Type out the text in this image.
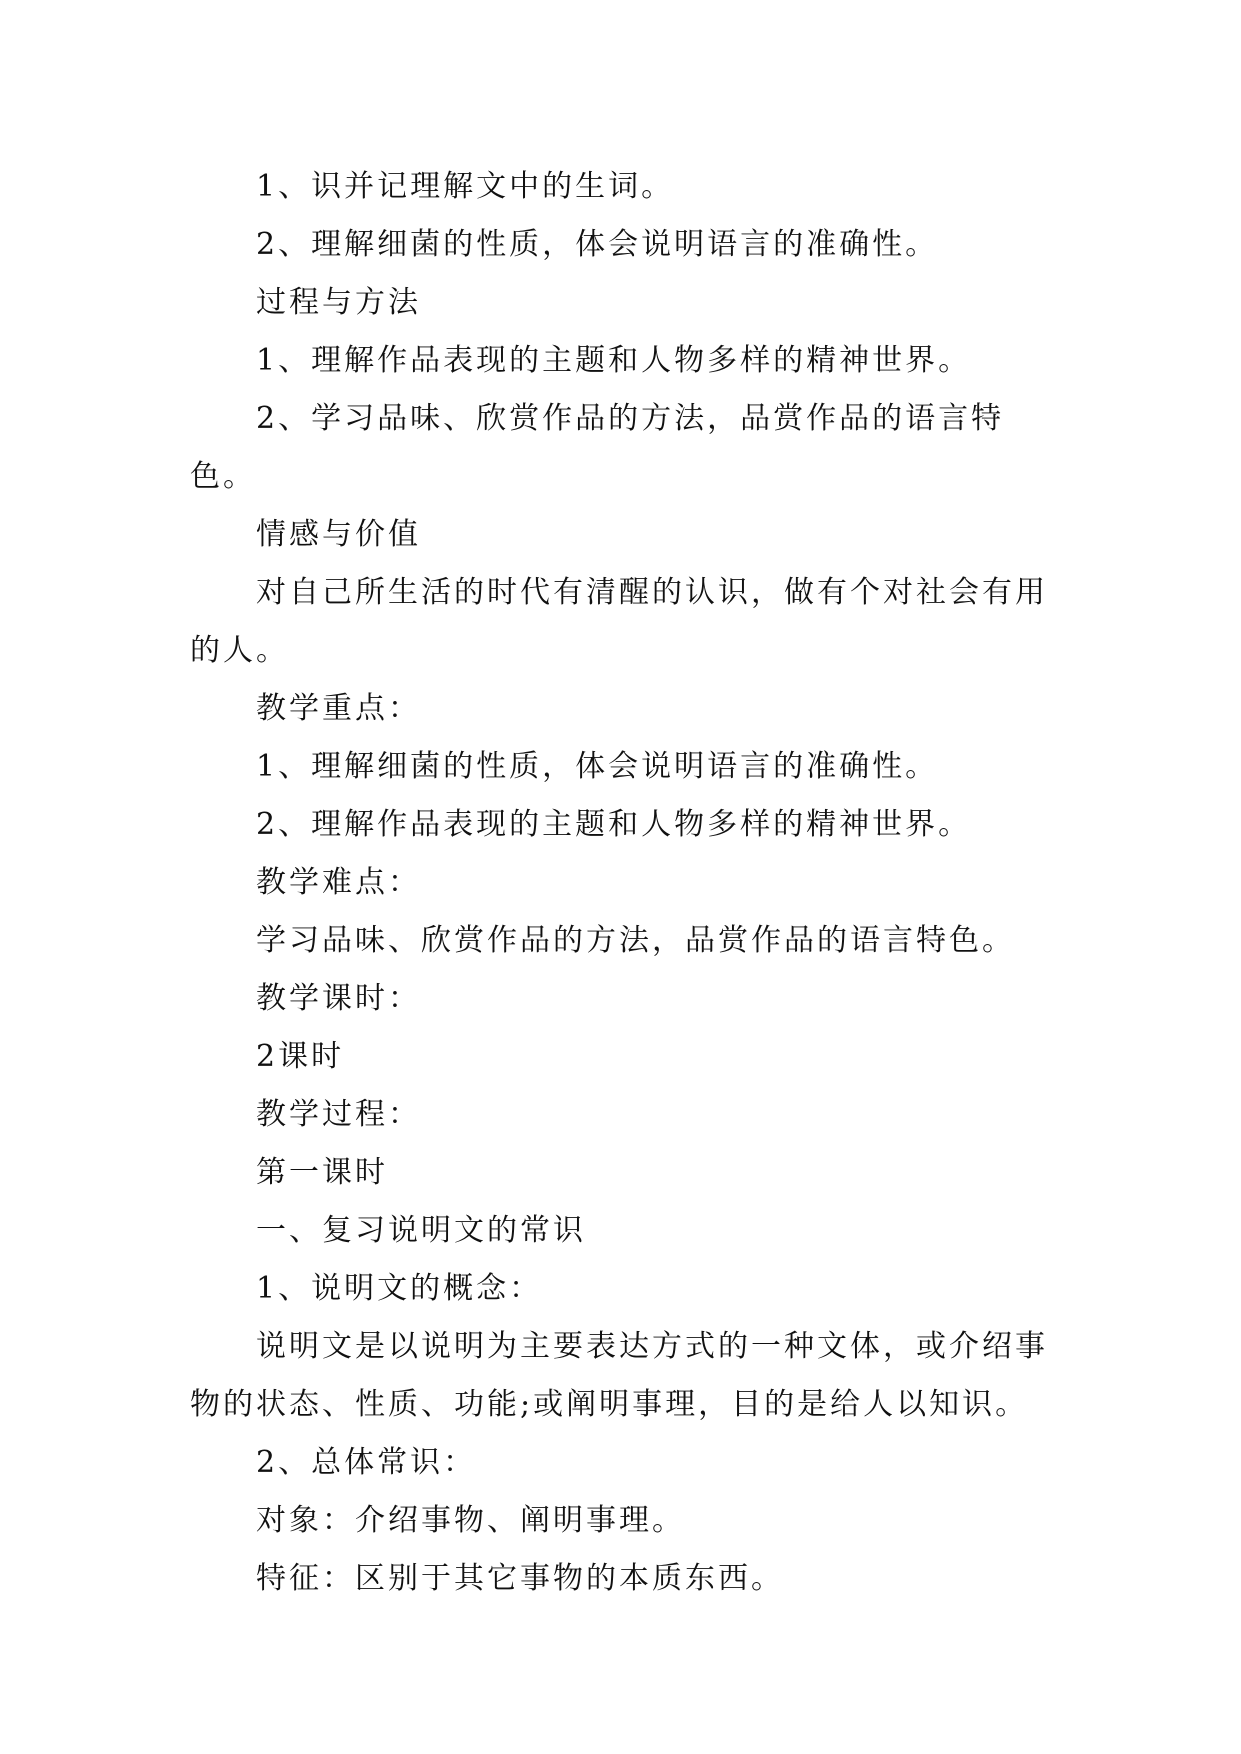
1、识并记理解文中的生词。

2、理解细菌的性质，体会说明语言的准确性。

过程与方法

1、理解作品表现的主题和人物多样的精神世界。

2、学习品味、欣赏作品的方法，品赏作品的语言特色。

情感与价值

对自己所生活的时代有清醒的认识，做有个对社会有用的人。

教学重点：

1、理解细菌的性质，体会说明语言的准确性。

2、理解作品表现的主题和人物多样的精神世界。

教学难点：

学习品味、欣赏作品的方法，品赏作品的语言特色。

教学课时：

2课时

教学过程：

第一课时

一、复习说明文的常识

1、说明文的概念：

说明文是以说明为主要表达方式的一种文体，或介绍事物的状态、性质、功能;或阐明事理，目的是给人以知识。

2、总体常识：

对象：介绍事物、阐明事理。

特征：区别于其它事物的本质东西。
